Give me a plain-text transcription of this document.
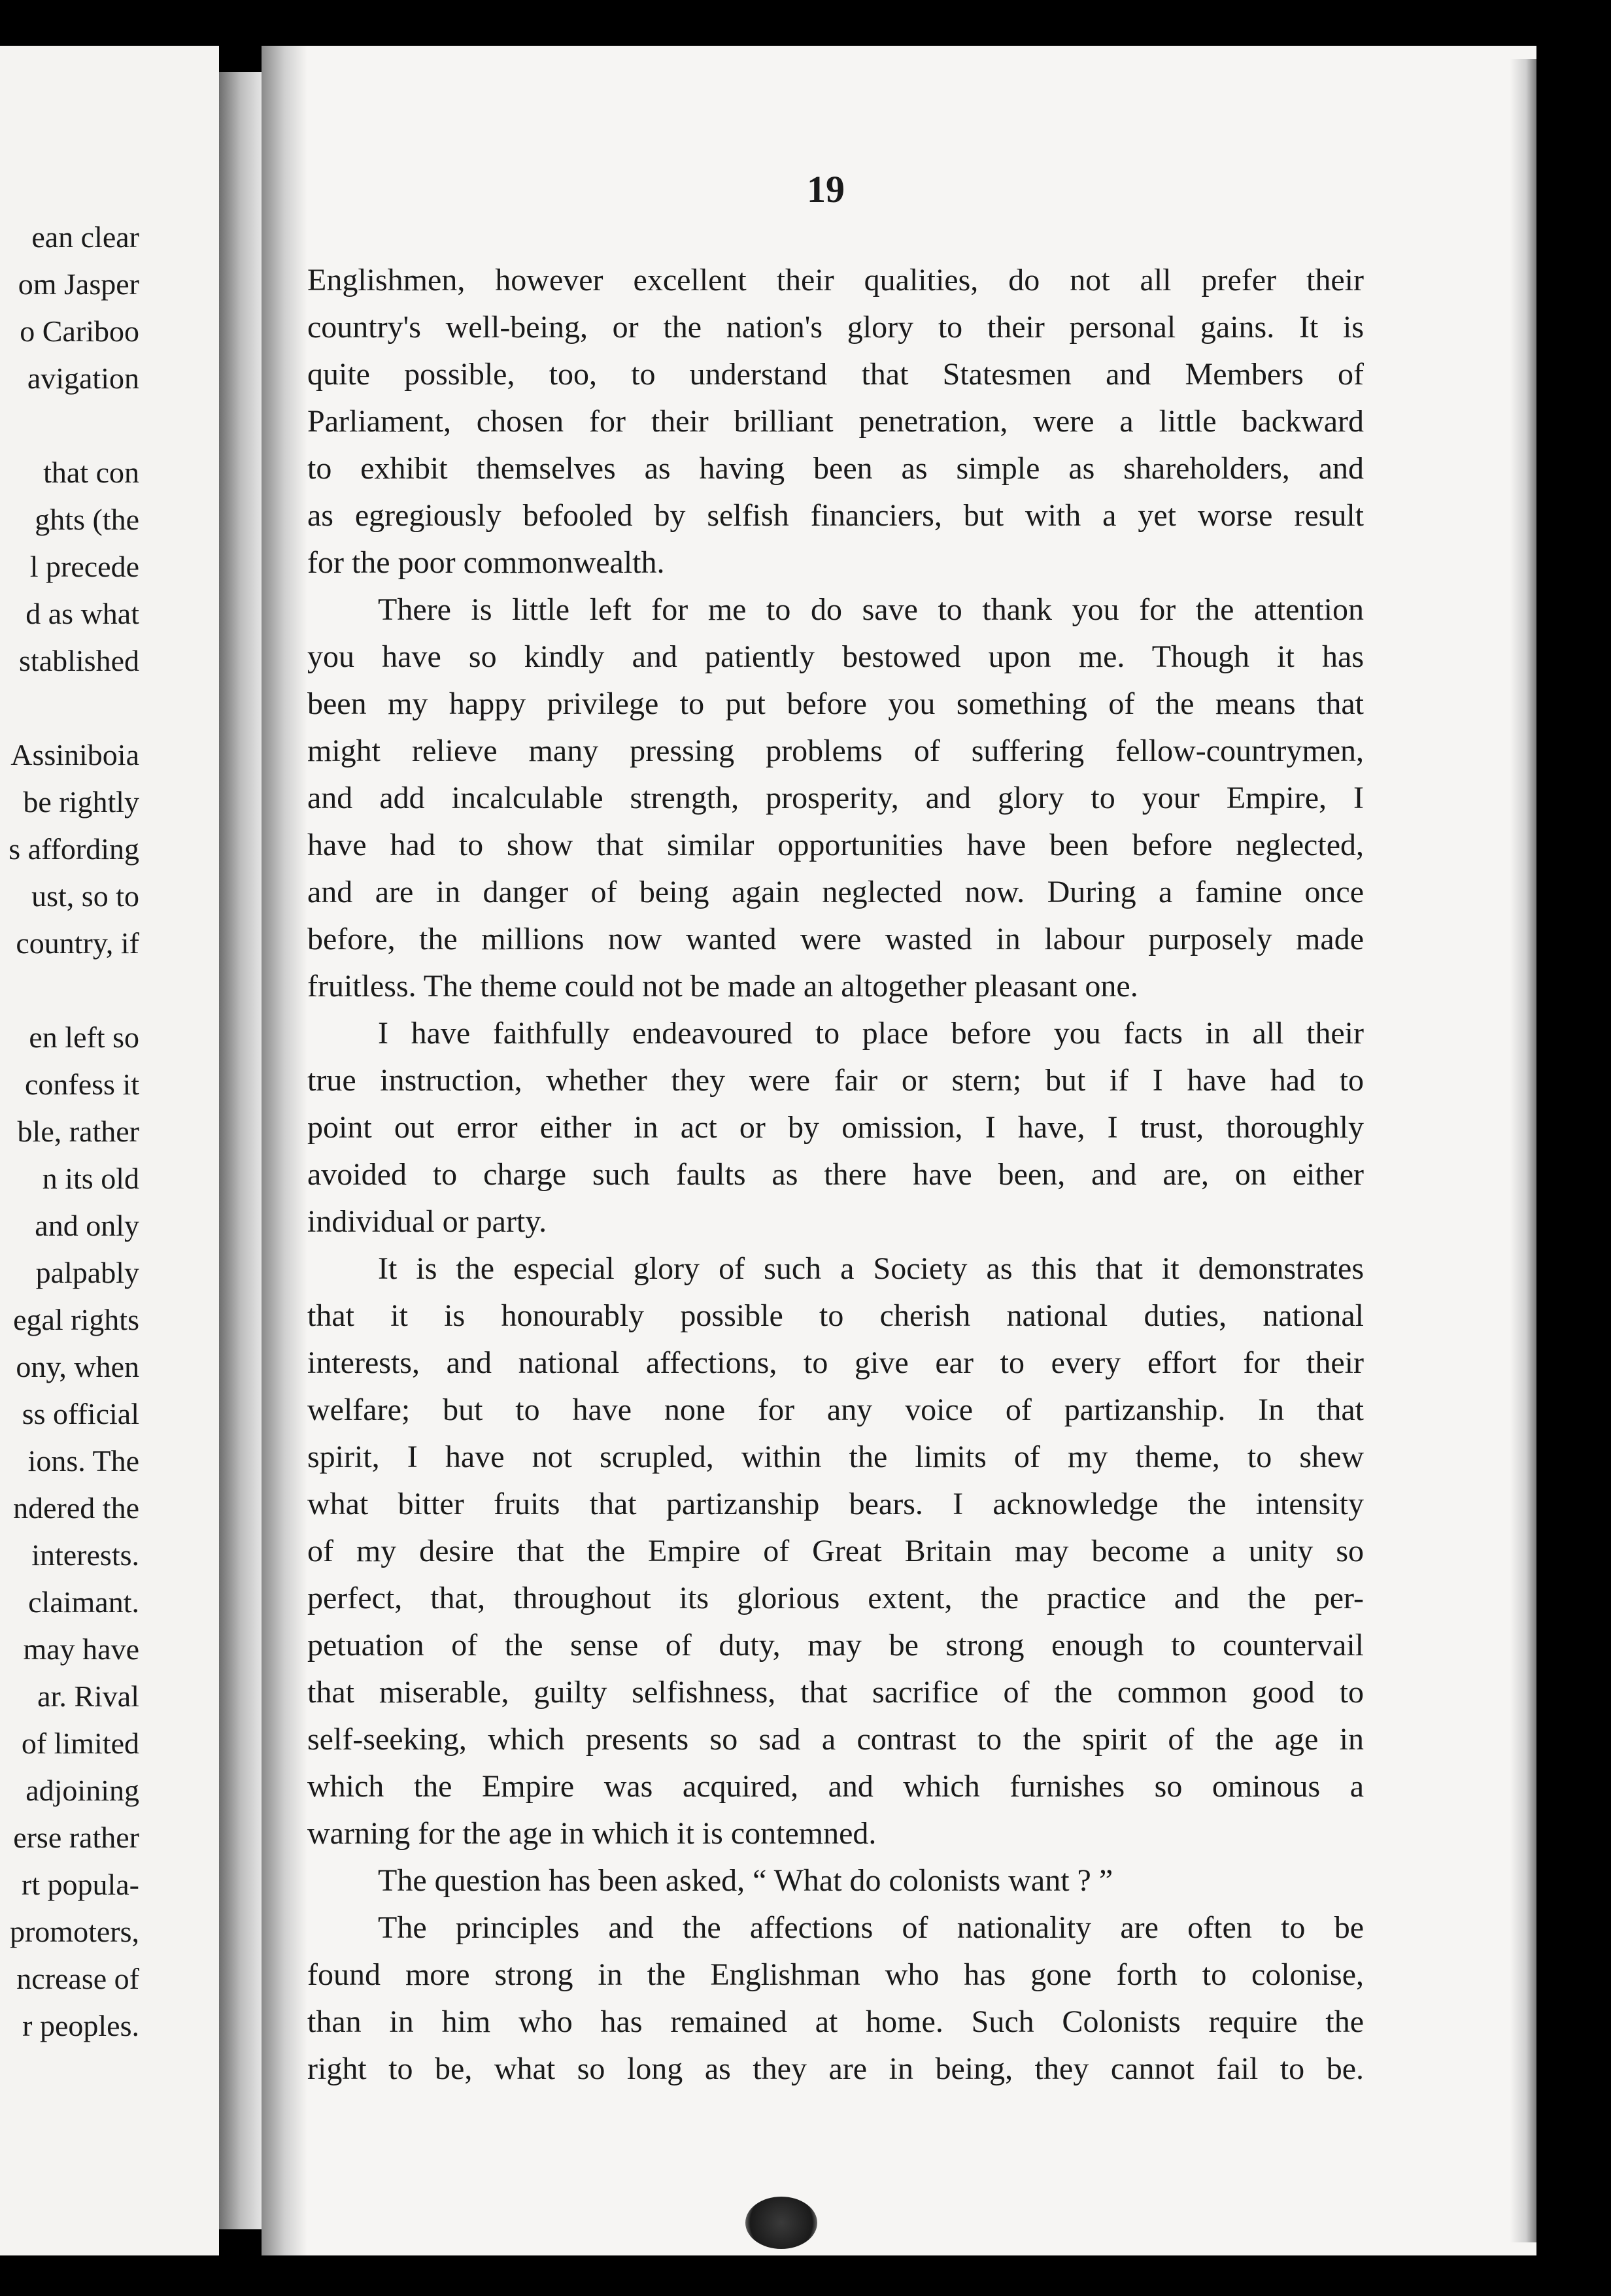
ean clear
om Jasper
o Cariboo
avigation
that con
ghts (the
l precede
d as what
stablished
Assiniboia
be rightly
s affording
ust, so to
country, if
en left so
confess it
ble, rather
n its old
and only
palpably
egal rights
ony, when
ss official
ions. The
ndered the
interests.
claimant.
may have
ar. Rival
of limited
adjoining
erse rather
rt popula-
promoters,
ncrease of
r peoples.
19
Englishmen, however excellent their qualities, do not all prefer their
country's well-being, or the nation's glory to their personal gains. It is
quite possible, too, to understand that Statesmen and Members of
Parliament, chosen for their brilliant penetration, were a little backward
to exhibit themselves as having been as simple as shareholders, and
as egregiously befooled by selfish financiers, but with a yet worse result
for the poor commonwealth.
There is little left for me to do save to thank you for the attention
you have so kindly and patiently bestowed upon me. Though it has
been my happy privilege to put before you something of the means that
might relieve many pressing problems of suffering fellow-countrymen,
and add incalculable strength, prosperity, and glory to your Empire, I
have had to show that similar opportunities have been before neglected,
and are in danger of being again neglected now. During a famine once
before, the millions now wanted were wasted in labour purposely made
fruitless. The theme could not be made an altogether pleasant one.
I have faithfully endeavoured to place before you facts in all their
true instruction, whether they were fair or stern; but if I have had to
point out error either in act or by omission, I have, I trust, thoroughly
avoided to charge such faults as there have been, and are, on either
individual or party.
It is the especial glory of such a Society as this that it demonstrates
that it is honourably possible to cherish national duties, national
interests, and national affections, to give ear to every effort for their
welfare; but to have none for any voice of partizanship. In that
spirit, I have not scrupled, within the limits of my theme, to shew
what bitter fruits that partizanship bears. I acknowledge the intensity
of my desire that the Empire of Great Britain may become a unity so
perfect, that, throughout its glorious extent, the practice and the per-
petuation of the sense of duty, may be strong enough to countervail
that miserable, guilty selfishness, that sacrifice of the common good to
self-seeking, which presents so sad a contrast to the spirit of the age in
which the Empire was acquired, and which furnishes so ominous a
warning for the age in which it is contemned.
The question has been asked, “ What do colonists want ? ”
The principles and the affections of nationality are often to be
found more strong in the Englishman who has gone forth to colonise,
than in him who has remained at home. Such Colonists require the
right to be, what so long as they are in being, they cannot fail to be.
